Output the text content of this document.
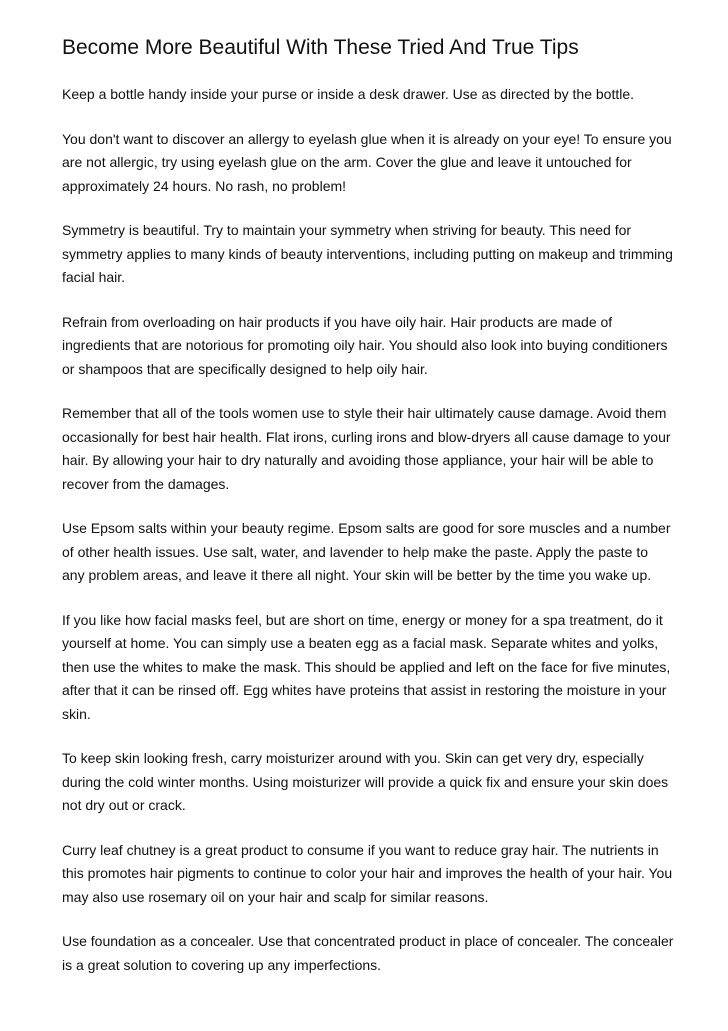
Become More Beautiful With These Tried And True Tips

Keep a bottle handy inside your purse or inside a desk drawer. Use as directed by the bottle.

You don't want to discover an allergy to eyelash glue when it is already on your eye! To ensure you are not allergic, try using eyelash glue on the arm. Cover the glue and leave it untouched for approximately 24 hours. No rash, no problem!

Symmetry is beautiful. Try to maintain your symmetry when striving for beauty. This need for symmetry applies to many kinds of beauty interventions, including putting on makeup and trimming facial hair.

Refrain from overloading on hair products if you have oily hair. Hair products are made of ingredients that are notorious for promoting oily hair. You should also look into buying conditioners or shampoos that are specifically designed to help oily hair.

Remember that all of the tools women use to style their hair ultimately cause damage. Avoid them occasionally for best hair health. Flat irons, curling irons and blow-dryers all cause damage to your hair. By allowing your hair to dry naturally and avoiding those appliance, your hair will be able to recover from the damages.

Use Epsom salts within your beauty regime. Epsom salts are good for sore muscles and a number of other health issues. Use salt, water, and lavender to help make the paste. Apply the paste to any problem areas, and leave it there all night. Your skin will be better by the time you wake up.

If you like how facial masks feel, but are short on time, energy or money for a spa treatment, do it yourself at home. You can simply use a beaten egg as a facial mask. Separate whites and yolks, then use the whites to make the mask. This should be applied and left on the face for five minutes, after that it can be rinsed off. Egg whites have proteins that assist in restoring the moisture in your skin.

To keep skin looking fresh, carry moisturizer around with you. Skin can get very dry, especially during the cold winter months. Using moisturizer will provide a quick fix and ensure your skin does not dry out or crack.

Curry leaf chutney is a great product to consume if you want to reduce gray hair. The nutrients in this promotes hair pigments to continue to color your hair and improves the health of your hair. You may also use rosemary oil on your hair and scalp for similar reasons.

Use foundation as a concealer. Use that concentrated product in place of concealer. The concealer is a great solution to covering up any imperfections.
